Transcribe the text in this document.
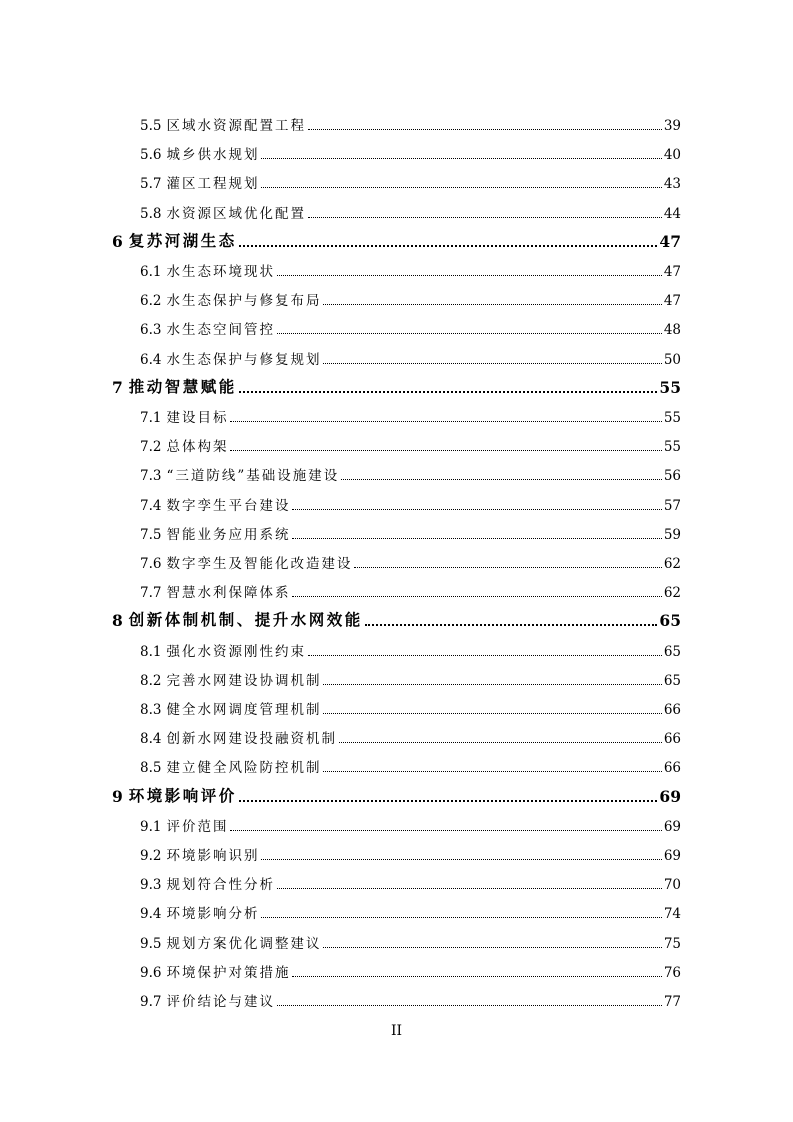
5.5 区域水资源配置工程	39
5.6 城乡供水规划	40
5.7 灌区工程规划	43
5.8 水资源区域优化配置	44
6 复苏河湖生态	47
6.1 水生态环境现状	47
6.2 水生态保护与修复布局	47
6.3 水生态空间管控	48
6.4 水生态保护与修复规划	50
7 推动智慧赋能	55
7.1 建设目标	55
7.2 总体构架	55
7.3 “三道防线”基础设施建设	56
7.4 数字孪生平台建设	57
7.5 智能业务应用系统	59
7.6 数字孪生及智能化改造建设	62
7.7 智慧水利保障体系	62
8 创新体制机制、提升水网效能	65
8.1 强化水资源刚性约束	65
8.2 完善水网建设协调机制	65
8.3 健全水网调度管理机制	66
8.4 创新水网建设投融资机制	66
8.5 建立健全风险防控机制	66
9 环境影响评价	69
9.1 评价范围	69
9.2 环境影响识别	69
9.3 规划符合性分析	70
9.4 环境影响分析	74
9.5 规划方案优化调整建议	75
9.6 环境保护对策措施	76
9.7 评价结论与建议	77
II
